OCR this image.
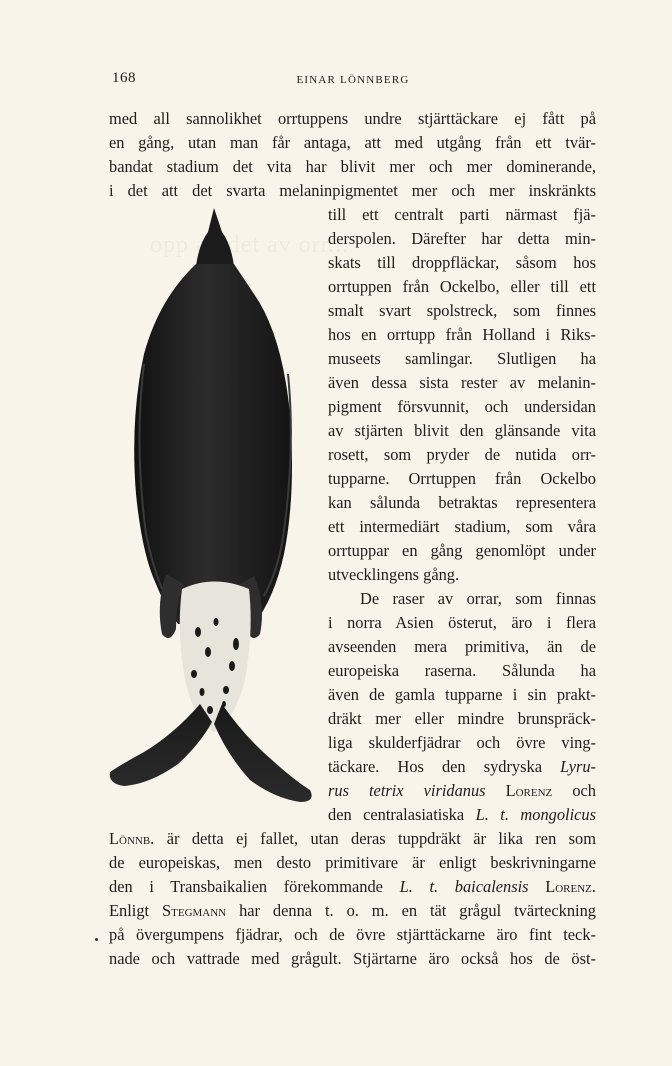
168	EINAR LÖNNBERG
med all sannolikhet orrtuppens undre stjärttäckare ej fått på
en gång, utan man får antaga, att med utgång från ett tvär-
bandat stadium det vita har blivit mer och mer dominerande,
i det att det svarta melaninpigmentet mer och mer inskränkts
till ett centralt parti närmast fjä-
derspolen. Därefter har detta min-
skats till droppfläckar, såsom hos
orrtuppen från Ockelbo, eller till ett
smalt svart spolstreck, som finnes
hos en orrtupp från Holland i Riks-
museets samlingar. Slutligen ha
även dessa sista rester av melanin-
pigment försvunnit, och undersidan
av stjärten blivit den glänsande vita
rosett, som pryder de nutida orr-
tupparne. Orrtuppen från Ockelbo
kan sålunda betraktas representera
ett intermediärt stadium, som våra
orrtuppar en gång genomlöpt under
utvecklingens gång.
De raser av orrar, som finnas
i norra Asien österut, äro i flera
avseenden mera primitiva, än de
europeiska raserna. Sålunda ha
även de gamla tupparne i sin prakt-
dräkt mer eller mindre brunspräck-
liga skulderfjädrar och övre ving-
täckare. Hos den sydryska Lyru-
rus tetrix viridanus Lorenz och
den centralasiatiska L. t. mongolicus
Lönnb. är detta ej fallet, utan deras tuppdräkt är lika ren som
de europeiskas, men desto primitivare är enligt beskrivningarne
den i Transbaikalien förekommande L. t. baicalensis Lorenz.
Enligt Stegmann har denna t. o. m. en tät grågul tvärteckning
på övergumpens fjädrar, och de övre stjärttäckarne äro fint teck-
nade och vattrade med grågult. Stjärtarne äro också hos de öst-
